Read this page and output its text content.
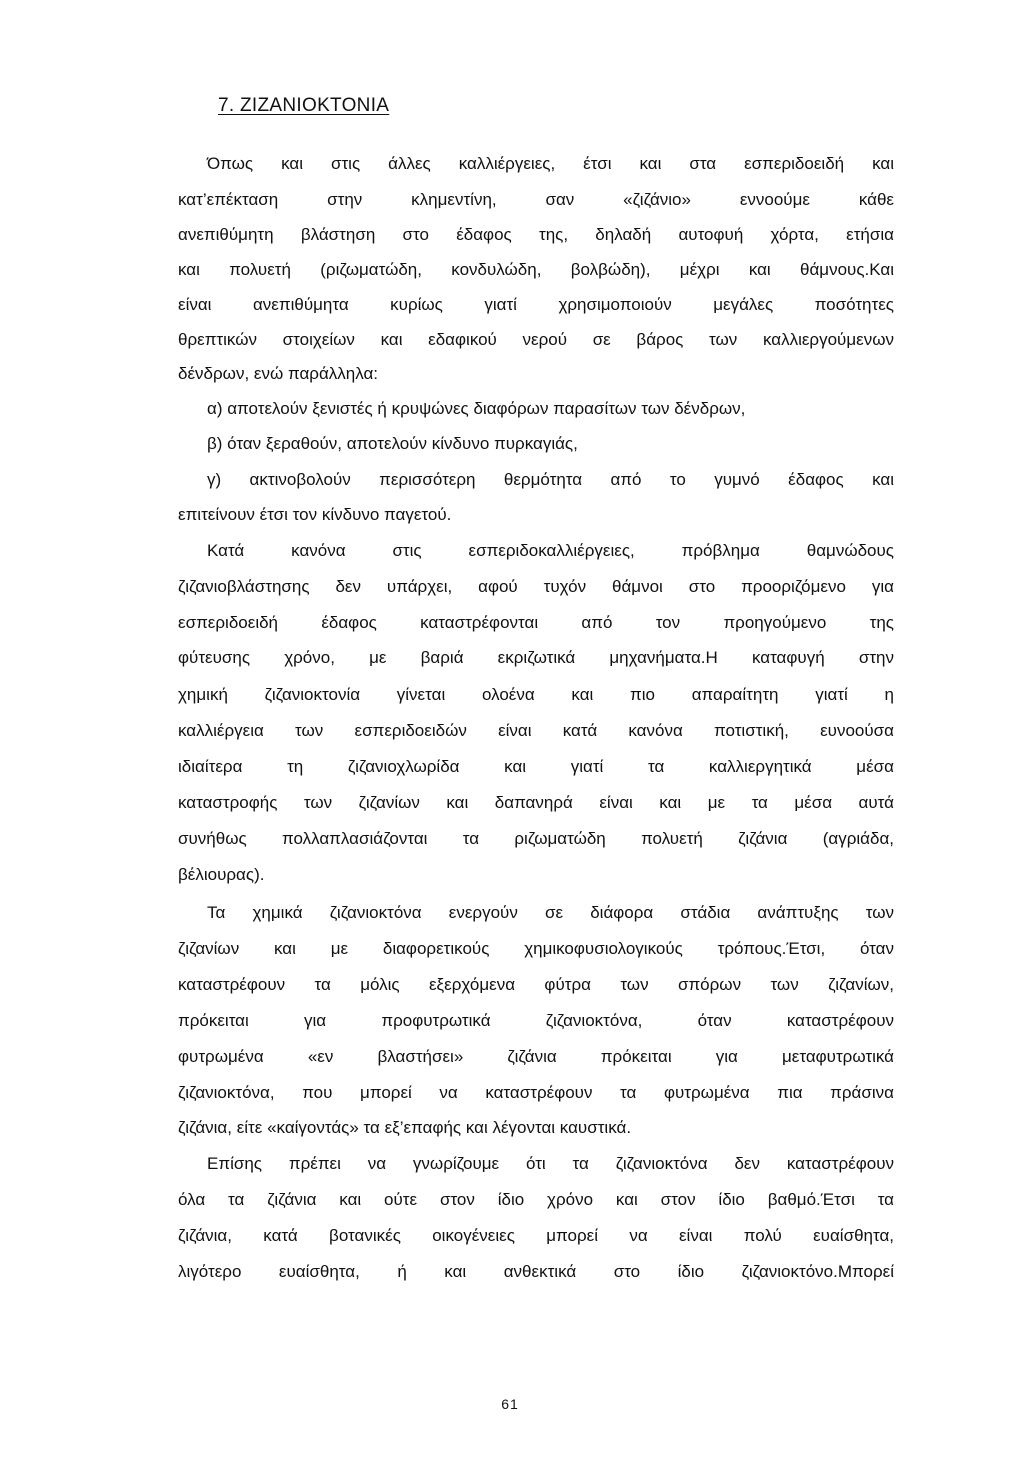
7. ΖΙΖΑΝΙΟΚΤΟΝΙΑ
Όπως και στις άλλες καλλιέργειες, έτσι και στα εσπεριδοειδή και
κατ’επέκταση στην κλημεντίνη, σαν «ζιζάνιο» εννοούμε κάθε
ανεπιθύμητη βλάστηση στο έδαφος της, δηλαδή αυτοφυή χόρτα, ετήσια
και πολυετή (ριζωματώδη, κονδυλώδη, βολβώδη), μέχρι και θάμνους.Και
είναι ανεπιθύμητα κυρίως γιατί χρησιμοποιούν μεγάλες ποσότητες
θρεπτικών στοιχείων και εδαφικού νερού σε βάρος των καλλιεργούμενων
δένδρων, ενώ παράλληλα:
α) αποτελούν ξενιστές ή κρυψώνες διαφόρων παρασίτων των δένδρων,
β) όταν ξεραθούν, αποτελούν κίνδυνο πυρκαγιάς,
γ) ακτινοβολούν περισσότερη θερμότητα από το γυμνό έδαφος και
επιτείνουν έτσι τον κίνδυνο παγετού.
Κατά κανόνα στις εσπεριδοκαλλιέργειες, πρόβλημα θαμνώδους
ζιζανιοβλάστησης δεν υπάρχει, αφού τυχόν θάμνοι στο προοριζόμενο για
εσπεριδοειδή έδαφος καταστρέφονται από τον προηγούμενο της
φύτευσης χρόνο, με βαριά εκριζωτικά μηχανήματα.Η καταφυγή στην
χημική ζιζανιοκτονία γίνεται ολοένα και πιο απαραίτητη γιατί η
καλλιέργεια των εσπεριδοειδών είναι κατά κανόνα ποτιστική, ευνοούσα
ιδιαίτερα τη ζιζανιοχλωρίδα και γιατί τα καλλιεργητικά μέσα
καταστροφής των ζιζανίων και δαπανηρά είναι και με τα μέσα αυτά
συνήθως πολλαπλασιάζονται τα ριζωματώδη πολυετή ζιζάνια (αγριάδα,
βέλιουρας).
Τα χημικά ζιζανιοκτόνα ενεργούν σε διάφορα στάδια ανάπτυξης των
ζιζανίων και με διαφορετικούς χημικοφυσιολογικούς τρόπους.Έτσι, όταν
καταστρέφουν τα μόλις εξερχόμενα φύτρα των σπόρων των ζιζανίων,
πρόκειται για προφυτρωτικά ζιζανιοκτόνα, όταν καταστρέφουν
φυτρωμένα «εν βλαστήσει» ζιζάνια πρόκειται για μεταφυτρωτικά
ζιζανιοκτόνα, που μπορεί να καταστρέφουν τα φυτρωμένα πια πράσινα
ζιζάνια, είτε «καίγοντάς» τα εξ’επαφής και λέγονται καυστικά.
Επίσης πρέπει να γνωρίζουμε ότι τα ζιζανιοκτόνα δεν καταστρέφουν
όλα τα ζιζάνια και ούτε στον ίδιο χρόνο και στον ίδιο βαθμό.Έτσι τα
ζιζάνια, κατά βοτανικές οικογένειες μπορεί να είναι πολύ ευαίσθητα,
λιγότερο ευαίσθητα, ή και ανθεκτικά στο ίδιο ζιζανιοκτόνο.Μπορεί
61
